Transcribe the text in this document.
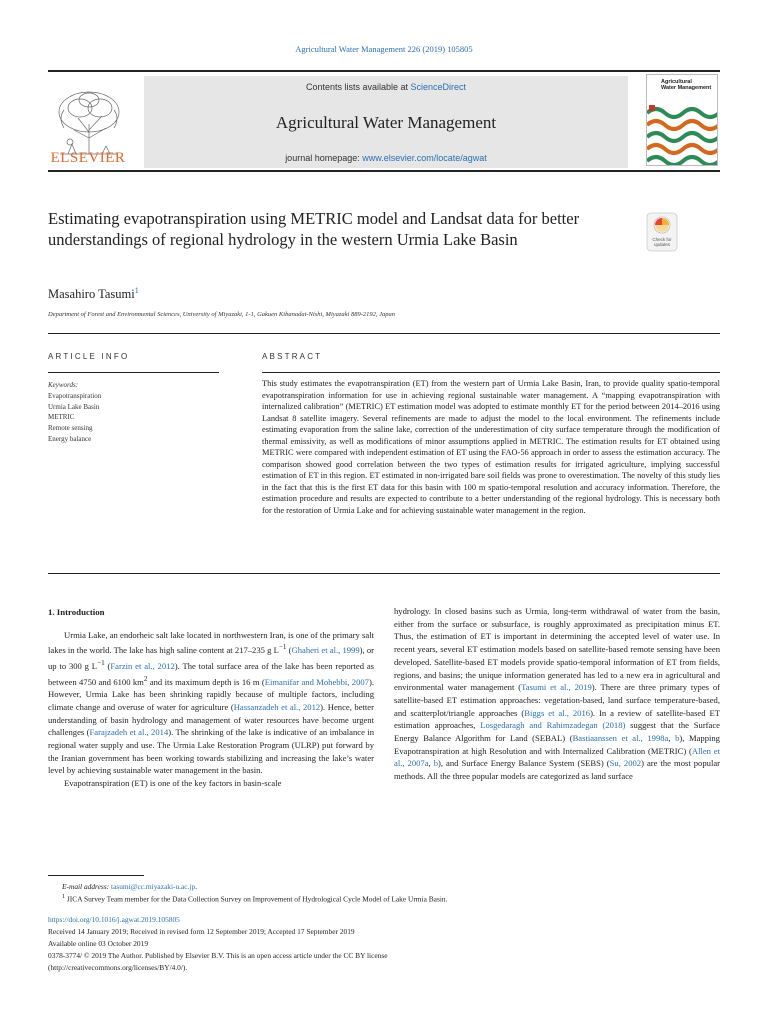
Agricultural Water Management 226 (2019) 105805
ELSEVIER
Contents lists available at ScienceDirect
Agricultural Water Management
journal homepage: www.elsevier.com/locate/agwat
Agricultural
Water Management
Estimating evapotranspiration using METRIC model and Landsat data for better understandings of regional hydrology in the western Urmia Lake Basin	Check for
updates
Masahiro Tasumi$^1$
Department of Forest and Environmental Sciences, University of Miyazaki, 1-1, Gakuen Kibanadai-Nishi, Miyazaki 889-2192, Japan
ARTICLE INFO	ABSTRACT
Keywords:
Evapotranspiration
Urmia Lake Basin
METRIC
Remote sensing
Energy balance
This study estimates the evapotranspiration (ET) from the western part of Urmia Lake Basin, Iran, to provide quality spatio-temporal evapotranspiration information for use in achieving regional sustainable water management. A “mapping evapotranspiration with internalized calibration” (METRIC) ET estimation model was adopted to estimate monthly ET for the period between 2014–2016 using Landsat 8 satellite imagery. Several refinements are made to adjust the model to the local environment. The refinements include estimating evaporation from the saline lake, correction of the underestimation of city surface temperature through the modification of thermal emissivity, as well as modifications of minor assumptions applied in METRIC. The estimation results for ET obtained using METRIC were compared with independent estimation of ET using the FAO-56 approach in order to assess the estimation accuracy. The comparison showed good correlation between the two types of estimation results for irrigated agriculture, implying successful estimation of ET in this region. ET estimated in non-irrigated bare soil fields was prone to overestimation. The novelty of this study lies in the fact that this is the first ET data for this basin with 100 m spatio-temporal resolution and accuracy information. Therefore, the estimation procedure and results are expected to contribute to a better understanding of the regional hydrology. This is necessary both for the restoration of Urmia Lake and for achieving sustainable water management in the region.
1. Introduction

Urmia Lake, an endorheic salt lake located in northwestern Iran, is one of the primary salt lakes in the world. The lake has high saline content at 217–235 g $L^{-1}$ (Ghaheri et al., 1999), or up to 300 g $L^{-1}$ (Farzin et al., 2012). The total surface area of the lake has been reported as between 4750 and 6100 $km^2$ and its maximum depth is 16 m (Eimanifar and Mohebbi, 2007). However, Urmia Lake has been shrinking rapidly because of multiple factors, including climate change and overuse of water for agriculture (Hassanzadeh et al., 2012). Hence, better understanding of basin hydrology and management of water resources have become urgent challenges (Farajzadeh et al., 2014). The shrinking of the lake is indicative of an imbalance in regional water supply and use. The Urmia Lake Restoration Program (ULRP) put forward by the Iranian government has been working towards stabilizing and increasing the lake’s water level by achieving sustainable water management in the basin.

Evapotranspiration (ET) is one of the key factors in basin-scale

hydrology. In closed basins such as Urmia, long-term withdrawal of water from the basin, either from the surface or subsurface, is roughly approximated as precipitation minus ET. Thus, the estimation of ET is important in determining the accepted level of water use. In recent years, several ET estimation models based on satellite-based remote sensing have been developed. Satellite-based ET models provide spatio-temporal information of ET from fields, regions, and basins; the unique information generated has led to a new era in agricultural and environmental water management (Tasumi et al., 2019). There are three primary types of satellite-based ET estimation approaches: vegetation-based, land surface temperature-based, and scatterplot/triangle approaches (Biggs et al., 2016). In a review of satellite-based ET estimation approaches, Losgedaragh and Rahimzadegan (2018) suggest that the Surface Energy Balance Algorithm for Land (SEBAL) (Bastiaanssen et al., 1998a, b), Mapping Evapotranspiration at high Resolution and with Internalized Calibration (METRIC) (Allen et al., 2007a, b), and Surface Energy Balance System (SEBS) (Su, 2002) are the most popular methods. All the three popular models are categorized as land surface

E-mail address: tasumi@cc.miyazaki-u.ac.jp.
$^1$ JICA Survey Team member for the Data Collection Survey on Improvement of Hydrological Cycle Model of Lake Urmia Basin.
https://doi.org/10.1016/j.agwat.2019.105805
Received 14 January 2019; Received in revised form 12 September 2019; Accepted 17 September 2019
Available online 03 October 2019
0378-3774/ © 2019 The Author. Published by Elsevier B.V. This is an open access article under the CC BY license
(http://creativecommons.org/licenses/BY/4.0/).
